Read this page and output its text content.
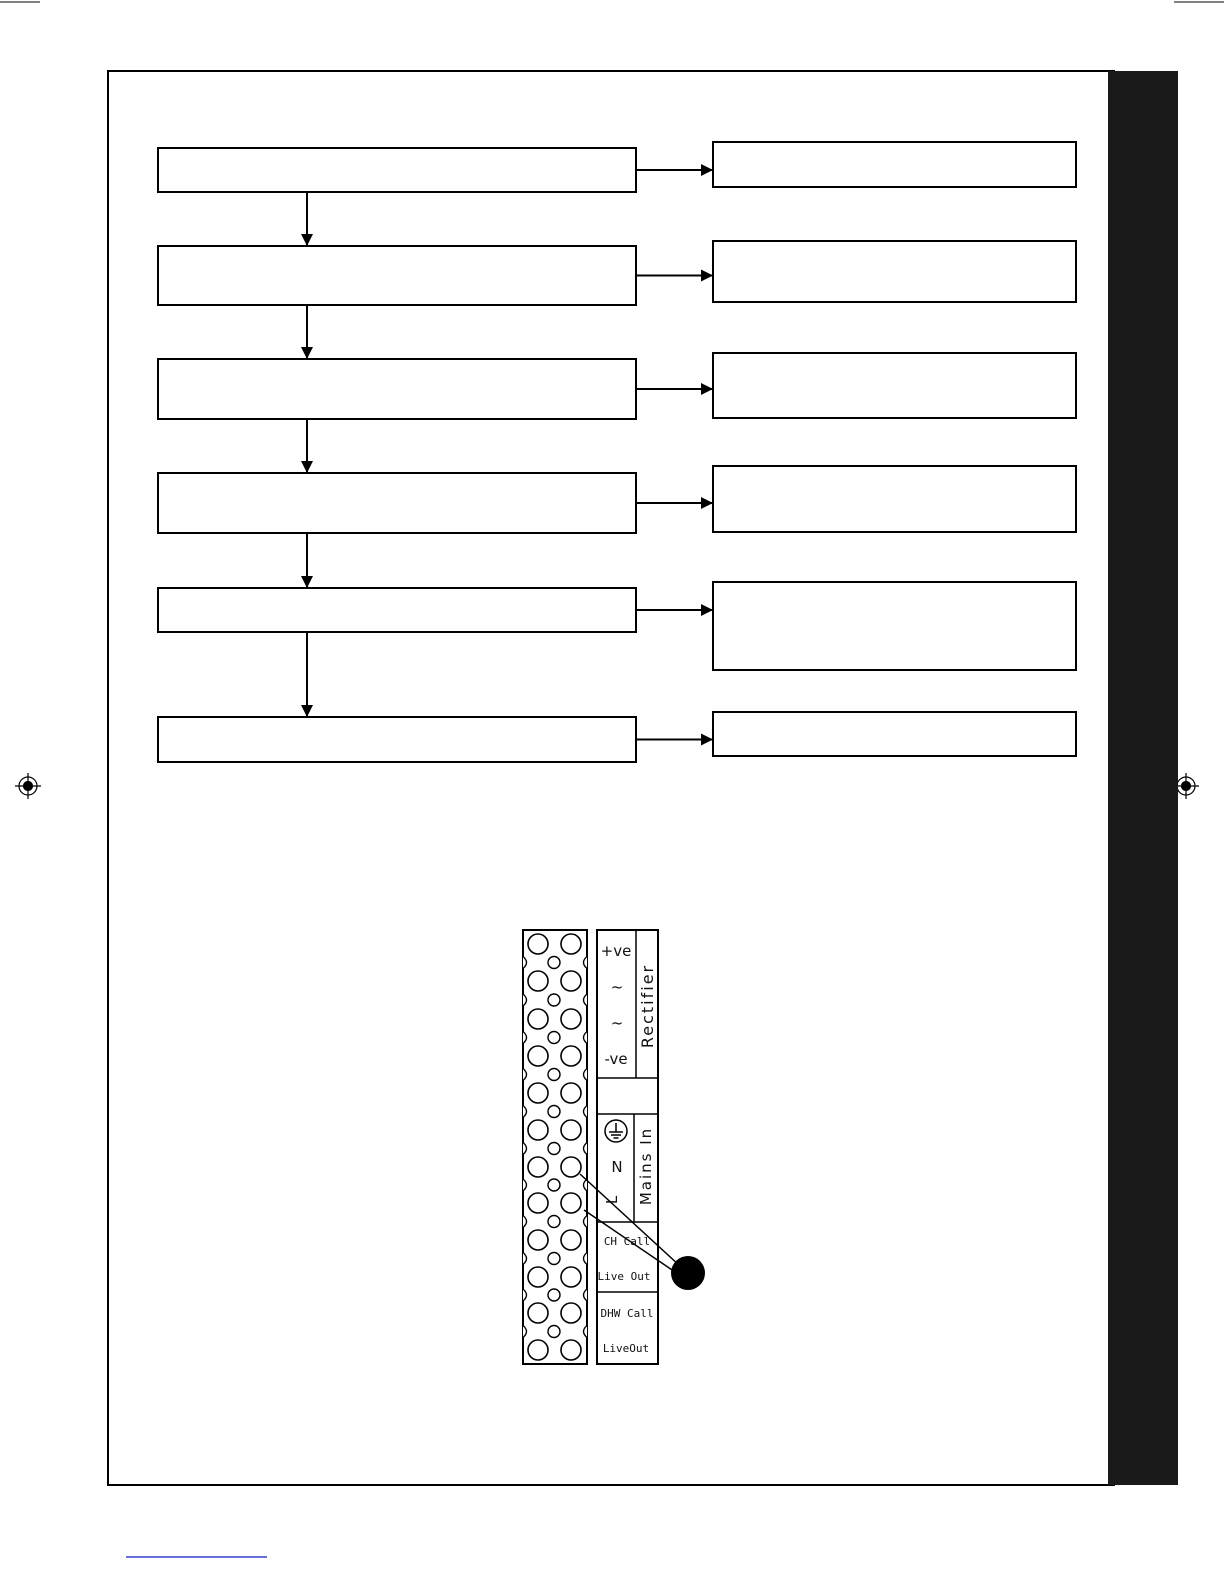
+ve
~
~
-ve
Rectifier
N
L Mains In
CH Call
Live Out
DHW Call
LiveOut
